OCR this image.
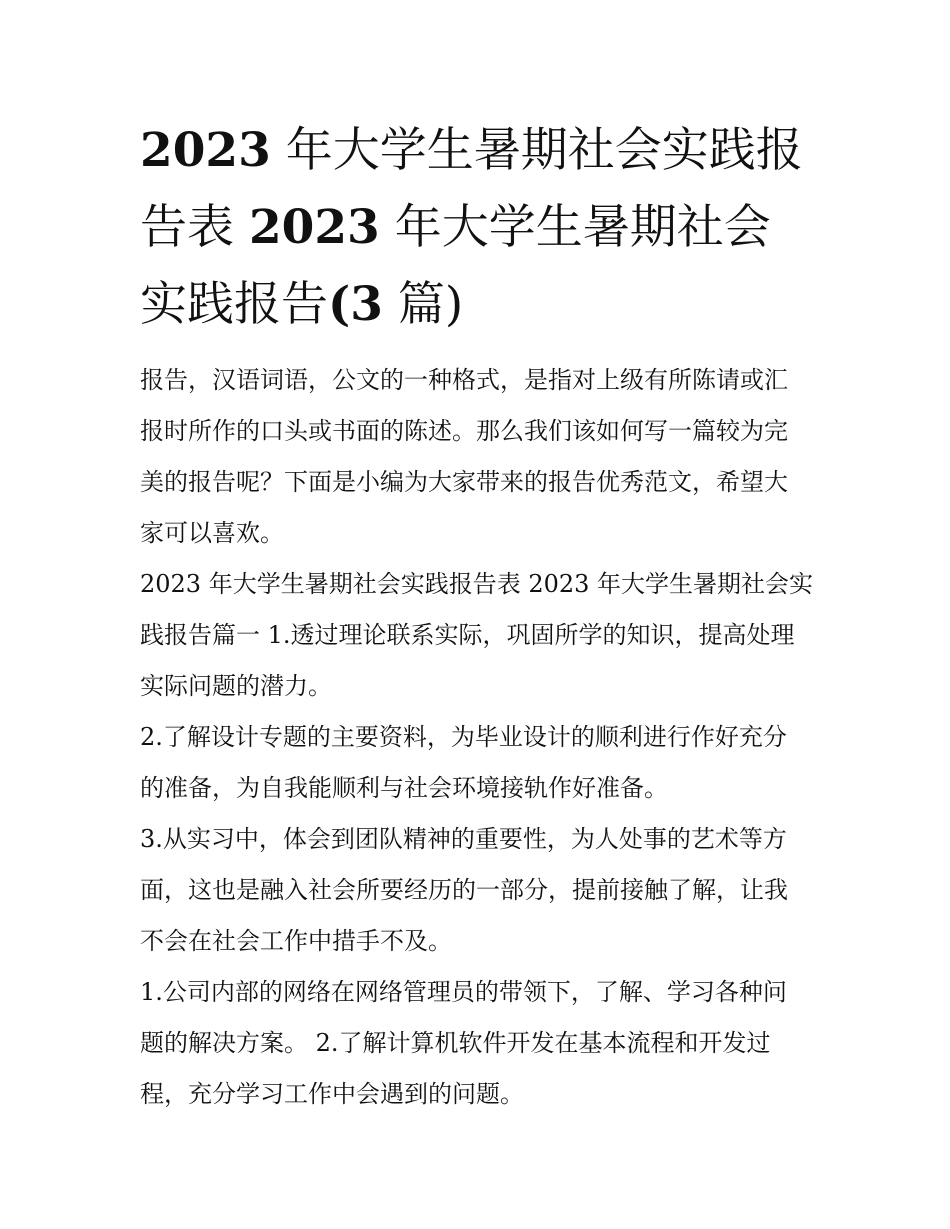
2023 年大学生暑期社会实践报
告表 2023 年大学生暑期社会
实践报告(3 篇)

报告，汉语词语，公文的一种格式，是指对上级有所陈请或汇
报时所作的口头或书面的陈述。那么我们该如何写一篇较为完
美的报告呢？下面是小编为大家带来的报告优秀范文，希望大
家可以喜欢。

2023 年大学生暑期社会实践报告表 2023 年大学生暑期社会实
践报告篇一 1.透过理论联系实际，巩固所学的知识，提高处理
实际问题的潜力。

2.了解设计专题的主要资料，为毕业设计的顺利进行作好充分
的准备，为自我能顺利与社会环境接轨作好准备。

3.从实习中，体会到团队精神的重要性，为人处事的艺术等方
面，这也是融入社会所要经历的一部分，提前接触了解，让我
不会在社会工作中措手不及。

1.公司内部的网络在网络管理员的带领下，了解、学习各种问
题的解决方案。 2.了解计算机软件开发在基本流程和开发过
程，充分学习工作中会遇到的问题。
